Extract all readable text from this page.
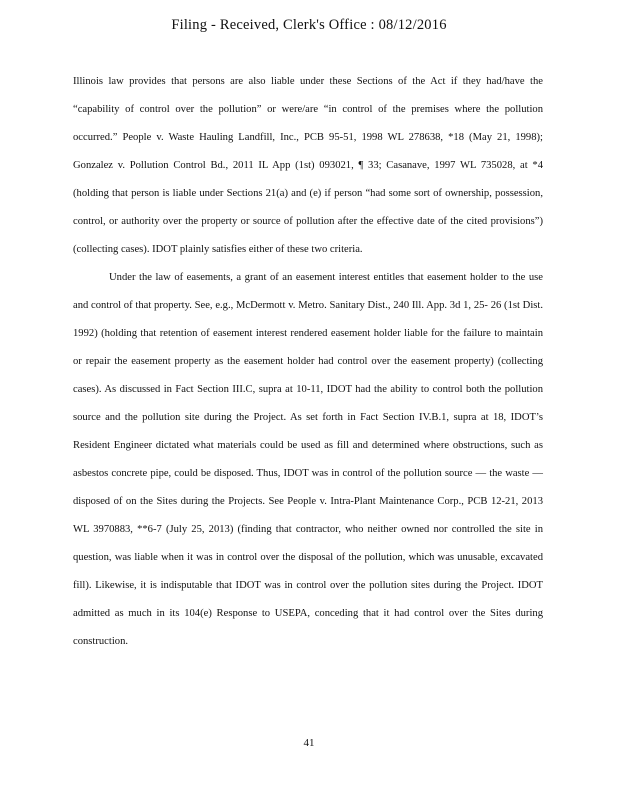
Filing - Received, Clerk's Office : 08/12/2016

Illinois law provides that persons are also liable under these Sections of the Act if they had/have the “capability of control over the pollution” or were/are “in control of the premises where the pollution occurred.” People v. Waste Hauling Landfill, Inc., PCB 95-51, 1998 WL 278638, *18 (May 21, 1998); Gonzalez v. Pollution Control Bd., 2011 IL App (1st) 093021, ¶ 33; Casanave, 1997 WL 735028, at *4 (holding that person is liable under Sections 21(a) and (e) if person “had some sort of ownership, possession, control, or authority over the property or source of pollution after the effective date of the cited provisions”) (collecting cases). IDOT plainly satisfies either of these two criteria.

Under the law of easements, a grant of an easement interest entitles that easement holder to the use and control of that property. See, e.g., McDermott v. Metro. Sanitary Dist., 240 Ill. App. 3d 1, 25- 26 (1st Dist. 1992) (holding that retention of easement interest rendered easement holder liable for the failure to maintain or repair the easement property as the easement holder had control over the easement property) (collecting cases). As discussed in Fact Section III.C, supra at 10-11, IDOT had the ability to control both the pollution source and the pollution site during the Project. As set forth in Fact Section IV.B.1, supra at 18, IDOT’s Resident Engineer dictated what materials could be used as fill and determined where obstructions, such as asbestos concrete pipe, could be disposed. Thus, IDOT was in control of the pollution source — the waste — disposed of on the Sites during the Projects. See People v. Intra-Plant Maintenance Corp., PCB 12-21, 2013 WL 3970883, **6-7 (July 25, 2013) (finding that contractor, who neither owned nor controlled the site in question, was liable when it was in control over the disposal of the pollution, which was unusable, excavated fill). Likewise, it is indisputable that IDOT was in control over the pollution sites during the Project. IDOT admitted as much in its 104(e) Response to USEPA, conceding that it had control over the Sites during construction.

41
